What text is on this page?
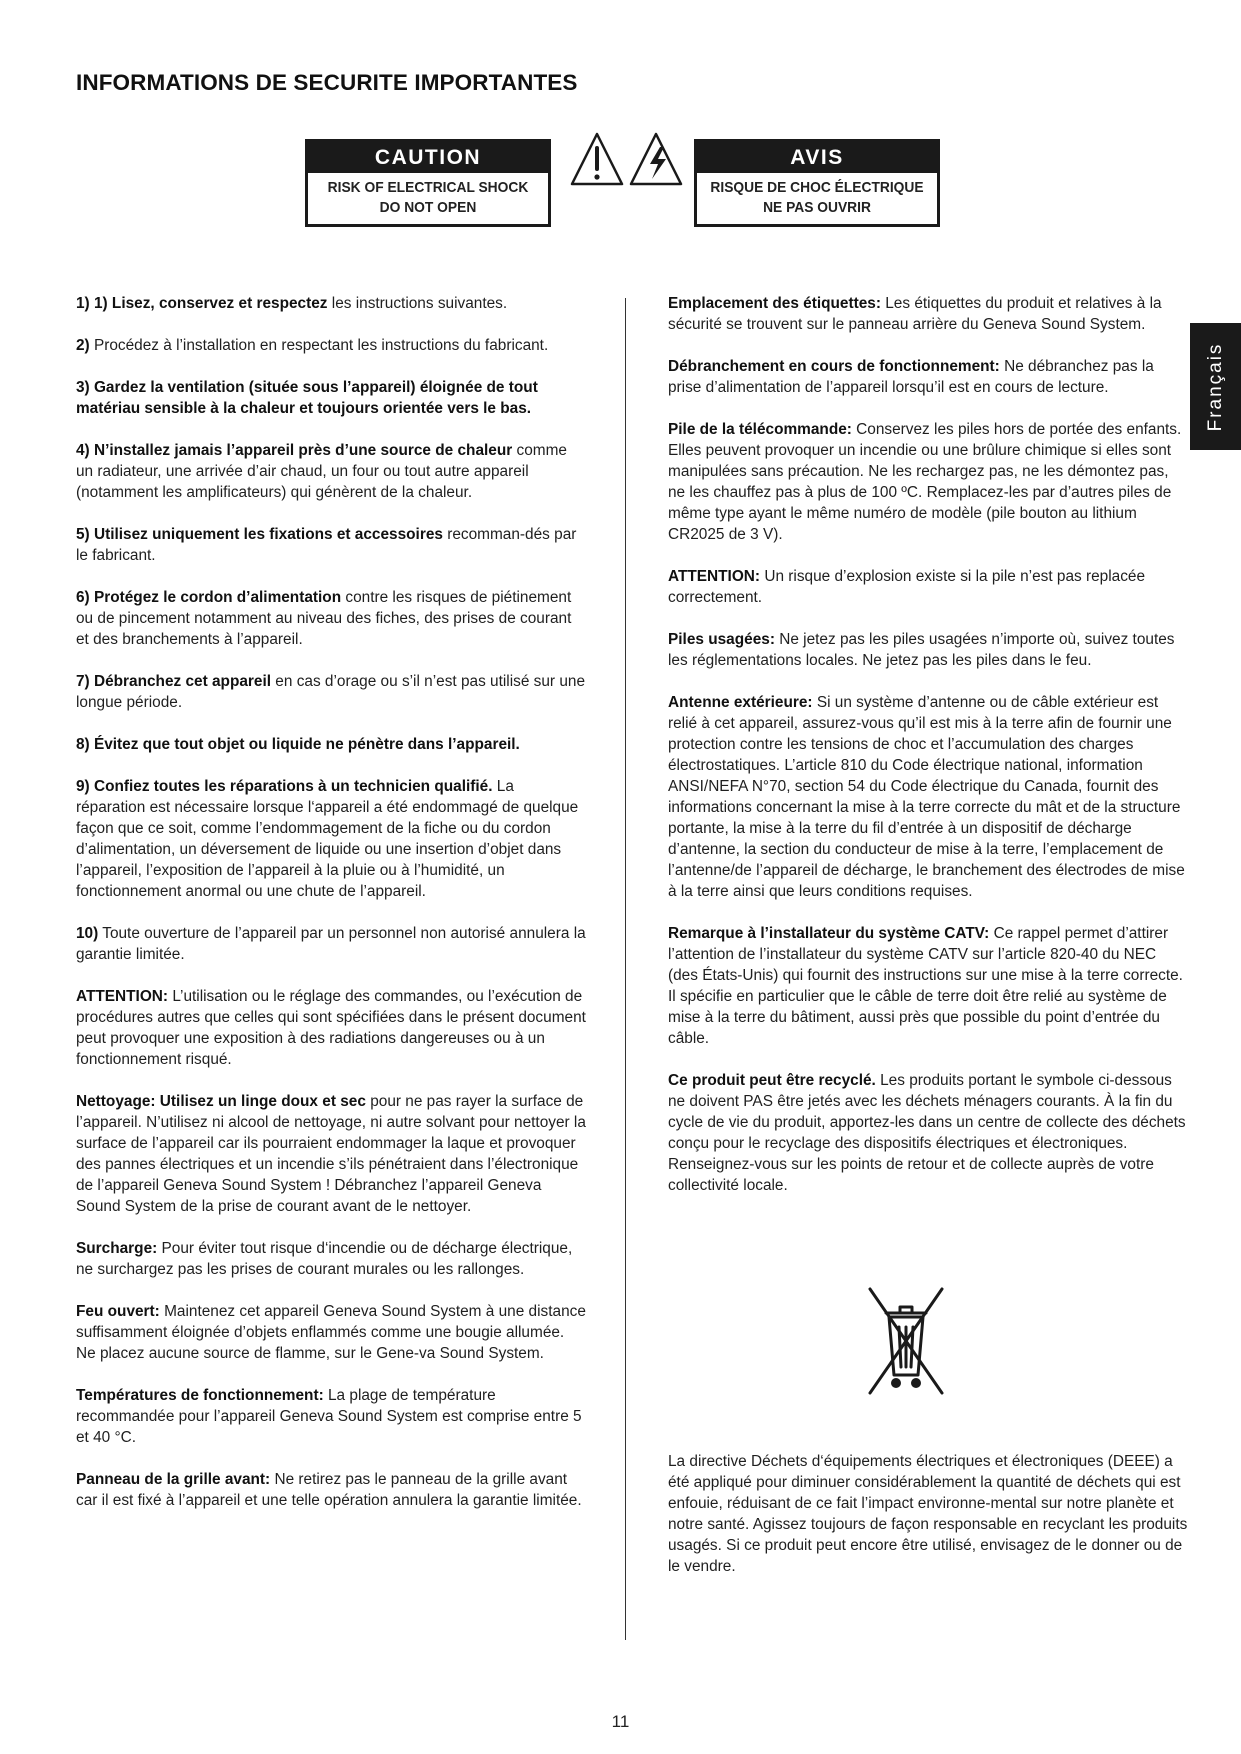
INFORMATIONS DE SECURITE IMPORTANTES
CAUTION
RISK OF ELECTRICAL SHOCK
DO NOT OPEN
AVIS
RISQUE DE CHOC ÉLECTRIQUE
NE PAS OUVRIR
Français

1) 1) Lisez, conservez et respectez les instructions suivantes.

2) Procédez à l’installation en respectant les instructions du fabricant.

3) Gardez la ventilation (située sous l’appareil) éloignée de tout matériau sensible à la chaleur et toujours orientée vers le bas.

4) N’installez jamais l’appareil près d’une source de chaleur comme un radiateur, une arrivée d’air chaud, un four ou tout autre appareil (notamment les amplificateurs) qui génèrent de la chaleur.

5) Utilisez uniquement les fixations et accessoires recomman-dés par le fabricant.

6) Protégez le cordon d’alimentation contre les risques de piétinement ou de pincement notamment au niveau des fiches, des prises de courant et des branchements à l’appareil.

7) Débranchez cet appareil en cas d’orage ou s’il n’est pas utilisé sur une longue période.

8) Évitez que tout objet ou liquide ne pénètre dans l’appareil.

9) Confiez toutes les réparations à un technicien qualifié. La réparation est nécessaire lorsque l‘appareil a été endommagé de quelque façon que ce soit, comme l’endommagement de la fiche ou du cordon d’alimentation, un déversement de liquide ou une insertion d’objet dans l’appareil, l’exposition de l’appareil à la pluie ou à l’humidité, un fonctionnement anormal ou une chute de l’appareil.

10) Toute ouverture de l’appareil par un personnel non autorisé annulera la garantie limitée.

ATTENTION: L’utilisation ou le réglage des commandes, ou l’exécution de procédures autres que celles qui sont spécifiées dans le présent document peut provoquer une exposition à des radiations dangereuses ou à un fonctionnement risqué.

Nettoyage: Utilisez un linge doux et sec pour ne pas rayer la surface de l’appareil. N’utilisez ni alcool de nettoyage, ni autre solvant pour nettoyer la surface de l’appareil car ils pourraient endommager la laque et provoquer des pannes électriques et un incendie s’ils pénétraient dans l’électronique de l’appareil Geneva Sound System ! Débranchez l’appareil Geneva Sound System de la prise de courant avant de le nettoyer.

Surcharge: Pour éviter tout risque d‘incendie ou de décharge électrique, ne surchargez pas les prises de courant murales ou les rallonges.

Feu ouvert: Maintenez cet appareil Geneva Sound System à une distance suffisamment éloignée d’objets enflammés comme une bougie allumée. Ne placez aucune source de flamme, sur le Gene-va Sound System.

Températures de fonctionnement: La plage de température recommandée pour l’appareil Geneva Sound System est comprise entre 5 et 40 °C.

Panneau de la grille avant: Ne retirez pas le panneau de la grille avant car il est fixé à l’appareil et une telle opération annulera la garantie limitée.

Emplacement des étiquettes: Les étiquettes du produit et relatives à la sécurité se trouvent sur le panneau arrière du Geneva Sound System.

Débranchement en cours de fonctionnement: Ne débranchez pas la prise d’alimentation de l’appareil lorsqu’il est en cours de lecture.

Pile de la télécommande: Conservez les piles hors de portée des enfants. Elles peuvent provoquer un incendie ou une brûlure chimique si elles sont manipulées sans précaution. Ne les rechargez pas, ne les démontez pas, ne les chauffez pas à plus de 100 ºC. Remplacez-les par d’autres piles de même type ayant le même numéro de modèle (pile bouton au lithium CR2025 de 3 V).

ATTENTION: Un risque d’explosion existe si la pile n’est pas replacée correctement.

Piles usagées: Ne jetez pas les piles usagées n’importe où, suivez toutes les réglementations locales. Ne jetez pas les piles dans le feu.

Antenne extérieure: Si un système d’antenne ou de câble extérieur est relié à cet appareil, assurez-vous qu’il est mis à la terre afin de fournir une protection contre les tensions de choc et l’accumulation des charges électrostatiques. L’article 810 du Code électrique national, information ANSI/NEFA N°70, section 54 du Code électrique du Canada, fournit des informations concernant la mise à la terre correcte du mât et de la structure portante, la mise à la terre du fil d’entrée à un dispositif de décharge d’antenne, la section du conducteur de mise à la terre, l’emplacement de l’antenne/de l’appareil de décharge, le branchement des électrodes de mise à la terre ainsi que leurs conditions requises.

Remarque à l’installateur du système CATV: Ce rappel permet d’attirer l’attention de l’installateur du système CATV sur l’article 820-40 du NEC (des États-Unis) qui fournit des instructions sur une mise à la terre correcte. Il spécifie en particulier que le câble de terre doit être relié au système de mise à la terre du bâtiment, aussi près que possible du point d’entrée du câble.

Ce produit peut être recyclé. Les produits portant le symbole ci-dessous ne doivent PAS être jetés avec les déchets ménagers courants. À la fin du cycle de vie du produit, apportez-les dans un centre de collecte des déchets conçu pour le recyclage des dispositifs électriques et électroniques. Renseignez-vous sur les points de retour et de collecte auprès de votre collectivité locale.

La directive Déchets d‘équipements électriques et électroniques (DEEE) a été appliqué pour diminuer considérablement la quantité de déchets qui est enfouie, réduisant de ce fait l’impact environne-mental sur notre planète et notre santé. Agissez toujours de façon responsable en recyclant les produits usagés. Si ce produit peut encore être utilisé, envisagez de le donner ou de le vendre.
11
